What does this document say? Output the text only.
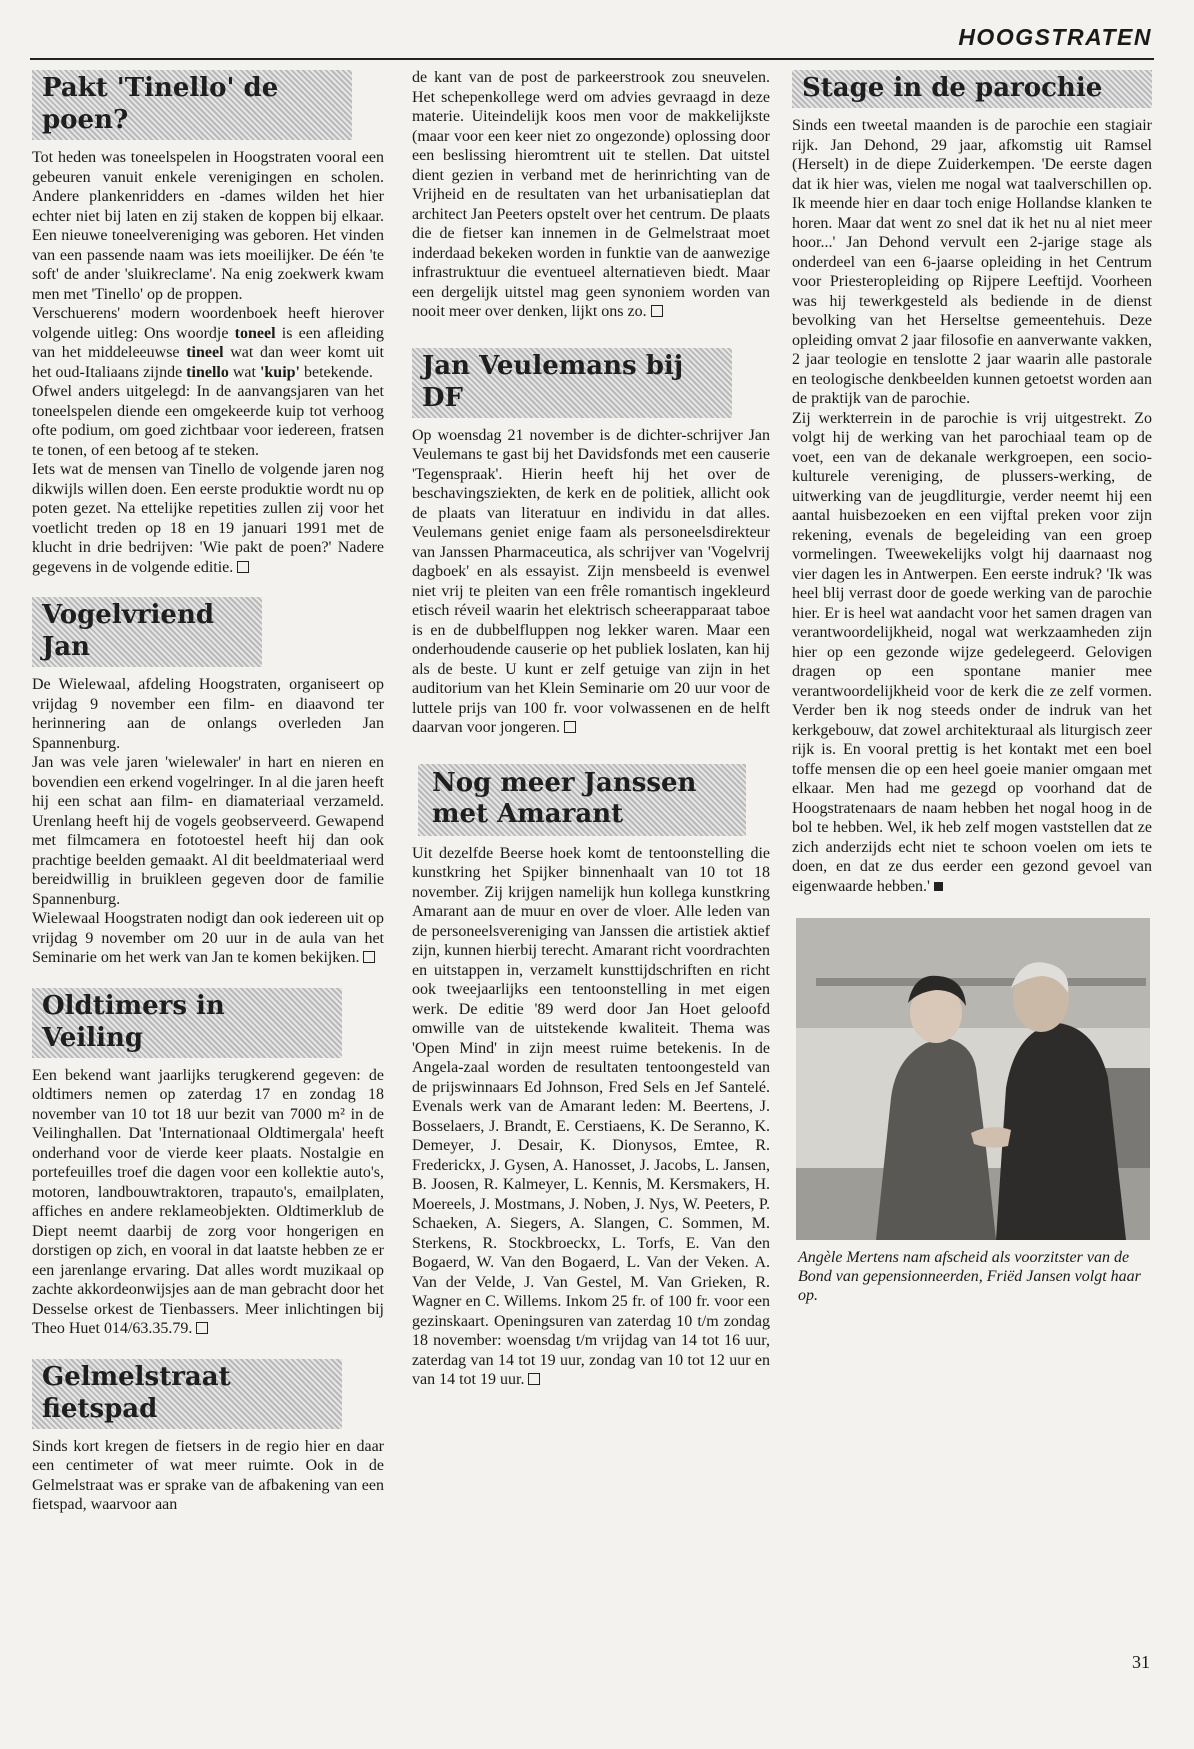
HOOGSTRATEN
Pakt 'Tinello' de poen?

Tot heden was toneelspelen in Hoogstraten vooral een gebeuren vanuit enkele verenigingen en scholen. Andere plankenridders en -dames wilden het hier echter niet bij laten en zij staken de koppen bij elkaar. Een nieuwe toneelvereniging was geboren. Het vinden van een passende naam was iets moeilijker. De één 'te soft' de ander 'sluikreclame'. Na enig zoekwerk kwam men met 'Tinello' op de proppen.

Verschuerens' modern woordenboek heeft hierover volgende uitleg: Ons woordje toneel is een afleiding van het middeleeuwse tineel wat dan weer komt uit het oud-Italiaans zijnde tinello wat 'kuip' betekende.

Ofwel anders uitgelegd: In de aanvangsjaren van het toneelspelen diende een omgekeerde kuip tot verhoog ofte podium, om goed zichtbaar voor iedereen, fratsen te tonen, of een betoog af te steken.

Iets wat de mensen van Tinello de volgende jaren nog dikwijls willen doen. Een eerste produktie wordt nu op poten gezet. Na ettelijke repetities zullen zij voor het voetlicht treden op 18 en 19 januari 1991 met de klucht in drie bedrijven: 'Wie pakt de poen?' Nadere gegevens in de volgende editie.

Vogelvriend Jan

De Wielewaal, afdeling Hoogstraten, organiseert op vrijdag 9 november een film- en diaavond ter herinnering aan de onlangs overleden Jan Spannenburg.

Jan was vele jaren 'wielewaler' in hart en nieren en bovendien een erkend vogelringer. In al die jaren heeft hij een schat aan film- en diamateriaal verzameld. Urenlang heeft hij de vogels geobserveerd. Gewapend met filmcamera en fototoestel heeft hij dan ook prachtige beelden gemaakt. Al dit beeldmateriaal werd bereidwillig in bruikleen gegeven door de familie Spannenburg.

Wielewaal Hoogstraten nodigt dan ook iedereen uit op vrijdag 9 november om 20 uur in de aula van het Seminarie om het werk van Jan te komen bekijken.

Oldtimers in Veiling

Een bekend want jaarlijks terugkerend gegeven: de oldtimers nemen op zaterdag 17 en zondag 18 november van 10 tot 18 uur bezit van 7000 m² in de Veilinghallen. Dat 'Internationaal Oldtimergala' heeft onderhand voor de vierde keer plaats. Nostalgie en portefeuilles troef die dagen voor een kollektie auto's, motoren, landbouwtraktoren, trapauto's, emailplaten, affiches en andere reklameobjekten. Oldtimerklub de Diept neemt daarbij de zorg voor hongerigen en dorstigen op zich, en vooral in dat laatste hebben ze er een jarenlange ervaring. Dat alles wordt muzikaal op zachte akkordeonwijsjes aan de man gebracht door het Desselse orkest de Tienbassers. Meer inlichtingen bij Theo Huet 014/63.35.79.

Gelmelstraat fietspad

Sinds kort kregen de fietsers in de regio hier en daar een centimeter of wat meer ruimte. Ook in de Gelmelstraat was er sprake van de afbakening van een fietspad, waarvoor aan

de kant van de post de parkeerstrook zou sneuvelen. Het schepenkollege werd om advies gevraagd in deze materie. Uiteindelijk koos men voor de makkelijkste (maar voor een keer niet zo ongezonde) oplossing door een beslissing hieromtrent uit te stellen. Dat uitstel dient gezien in verband met de herinrichting van de Vrijheid en de resultaten van het urbanisatieplan dat architect Jan Peeters opstelt over het centrum. De plaats die de fietser kan innemen in de Gelmelstraat moet inderdaad bekeken worden in funktie van de aanwezige infrastruktuur die eventueel alternatieven biedt. Maar een dergelijk uitstel mag geen synoniem worden van nooit meer over denken, lijkt ons zo.

Jan Veulemans bij DF

Op woensdag 21 november is de dichter-schrijver Jan Veulemans te gast bij het Davidsfonds met een causerie 'Tegenspraak'. Hierin heeft hij het over de beschavingsziekten, de kerk en de politiek, allicht ook de plaats van literatuur en individu in dat alles. Veulemans geniet enige faam als personeelsdirekteur van Janssen Pharmaceutica, als schrijver van 'Vogelvrij dagboek' en als essayist. Zijn mensbeeld is evenwel niet vrij te pleiten van een frêle romantisch ingekleurd etisch réveil waarin het elektrisch scheerapparaat taboe is en de dubbelfluppen nog lekker waren. Maar een onderhoudende causerie op het publiek loslaten, kan hij als de beste. U kunt er zelf getuige van zijn in het auditorium van het Klein Seminarie om 20 uur voor de luttele prijs van 100 fr. voor volwassenen en de helft daarvan voor jongeren.

Nog meer Janssen
met Amarant

Uit dezelfde Beerse hoek komt de tentoonstelling die kunstkring het Spijker binnenhaalt van 10 tot 18 november. Zij krijgen namelijk hun kollega kunstkring Amarant aan de muur en over de vloer. Alle leden van de personeelsvereniging van Janssen die artistiek aktief zijn, kunnen hierbij terecht. Amarant richt voordrachten en uitstappen in, verzamelt kunsttijdschriften en richt ook tweejaarlijks een tentoonstelling in met eigen werk. De editie '89 werd door Jan Hoet geloofd omwille van de uitstekende kwaliteit. Thema was 'Open Mind' in zijn meest ruime betekenis. In de Angela-zaal worden de resultaten tentoongesteld van de prijswinnaars Ed Johnson, Fred Sels en Jef Santelé. Evenals werk van de Amarant leden: M. Beertens, J. Bosselaers, J. Brandt, E. Cerstiaens, K. De Seranno, K. Demeyer, J. Desair, K. Dionysos, Emtee, R. Frederickx, J. Gysen, A. Hanosset, J. Jacobs, L. Jansen, B. Joosen, R. Kalmeyer, L. Kennis, M. Kersmakers, H. Moereels, J. Mostmans, J. Noben, J. Nys, W. Peeters, P. Schaeken, A. Siegers, A. Slangen, C. Sommen, M. Sterkens, R. Stockbroeckx, L. Torfs, E. Van den Bogaerd, W. Van den Bogaerd, L. Van der Veken. A. Van der Velde, J. Van Gestel, M. Van Grieken, R. Wagner en C. Willems. Inkom 25 fr. of 100 fr. voor een gezinskaart. Openingsuren van zaterdag 10 t/m zondag 18 november: woensdag t/m vrijdag van 14 tot 16 uur, zaterdag van 14 tot 19 uur, zondag van 10 tot 12 uur en van 14 tot 19 uur.

Stage in de parochie

Sinds een tweetal maanden is de parochie een stagiair rijk. Jan Dehond, 29 jaar, afkomstig uit Ramsel (Herselt) in de diepe Zuiderkempen. 'De eerste dagen dat ik hier was, vielen me nogal wat taalverschillen op. Ik meende hier en daar toch enige Hollandse klanken te horen. Maar dat went zo snel dat ik het nu al niet meer hoor...' Jan Dehond vervult een 2-jarige stage als onderdeel van een 6-jaarse opleiding in het Centrum voor Priesteropleiding op Rijpere Leeftijd. Voorheen was hij tewerkgesteld als bediende in de dienst bevolking van het Herseltse gemeentehuis. Deze opleiding omvat 2 jaar filosofie en aanverwante vakken, 2 jaar teologie en tenslotte 2 jaar waarin alle pastorale en teologische denkbeelden kunnen getoetst worden aan de praktijk van de parochie.

Zij werkterrein in de parochie is vrij uitgestrekt. Zo volgt hij de werking van het parochiaal team op de voet, een van de dekanale werkgroepen, een socio-kulturele vereniging, de plussers-werking, de uitwerking van de jeugdliturgie, verder neemt hij een aantal huisbezoeken en een vijftal preken voor zijn rekening, evenals de begeleiding van een groep vormelingen. Tweewekelijks volgt hij daarnaast nog vier dagen les in Antwerpen. Een eerste indruk? 'Ik was heel blij verrast door de goede werking van de parochie hier. Er is heel wat aandacht voor het samen dragen van verantwoordelijkheid, nogal wat werkzaamheden zijn hier op een gezonde wijze gedelegeerd. Gelovigen dragen op een spontane manier mee verantwoordelijkheid voor de kerk die ze zelf vormen. Verder ben ik nog steeds onder de indruk van het kerkgebouw, dat zowel architekturaal als liturgisch zeer rijk is. En vooral prettig is het kontakt met een boel toffe mensen die op een heel goeie manier omgaan met elkaar. Men had me gezegd op voorhand dat de Hoogstratenaars de naam hebben het nogal hoog in de bol te hebben. Wel, ik heb zelf mogen vaststellen dat ze zich anderzijds echt niet te schoon voelen om iets te doen, en dat ze dus eerder een gezond gevoel van eigenwaarde hebben.'

Angèle Mertens nam afscheid als voorzitster van de Bond van gepensionneerden, Friëd Jansen volgt haar op.

31
